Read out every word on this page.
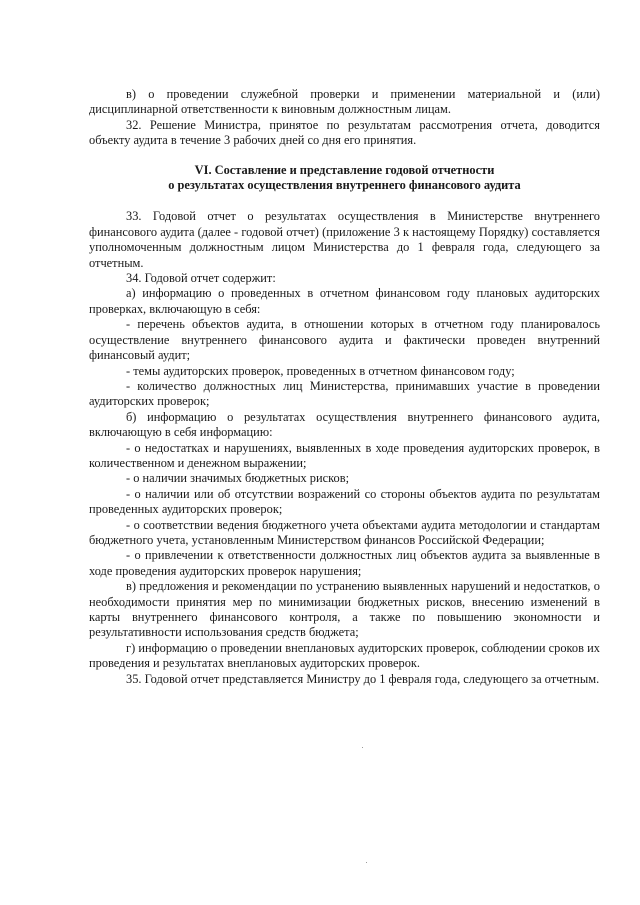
в) о проведении служебной проверки и применении материальной и (или) дисциплинарной ответственности к виновным должностным лицам.

32. Решение Министра, принятое по результатам рассмотрения отчета, доводится объекту аудита в течение 3 рабочих дней со дня его принятия.

VI. Составление и представление годовой отчетности
о результатах осуществления внутреннего финансового аудита

33. Годовой отчет о результатах осуществления в Министерстве внутреннего финансового аудита (далее - годовой отчет) (приложение 3 к настоящему Порядку) составляется уполномоченным должностным лицом Министерства до 1 февраля года, следующего за отчетным.

34. Годовой отчет содержит:

а) информацию о проведенных в отчетном финансовом году плановых аудиторских проверках, включающую в себя:

- перечень объектов аудита, в отношении которых в отчетном году планировалось осуществление внутреннего финансового аудита и фактически проведен внутренний финансовый аудит;

- темы аудиторских проверок, проведенных в отчетном финансовом году;

- количество должностных лиц Министерства, принимавших участие в проведении аудиторских проверок;

б) информацию о результатах осуществления внутреннего финансового аудита, включающую в себя информацию:

- о недостатках и нарушениях, выявленных в ходе проведения аудиторских проверок, в количественном и денежном выражении;

- о наличии значимых бюджетных рисков;

- о наличии или об отсутствии возражений со стороны объектов аудита по результатам проведенных аудиторских проверок;

- о соответствии ведения бюджетного учета объектами аудита методологии и стандартам бюджетного учета, установленным Министерством финансов Российской Федерации;

- о привлечении к ответственности должностных лиц объектов аудита за выявленные в ходе проведения аудиторских проверок нарушения;

в) предложения и рекомендации по устранению выявленных нарушений и недостатков, о необходимости принятия мер по минимизации бюджетных рисков, внесению изменений в карты внутреннего финансового контроля, а также по повышению экономности и результативности использования средств бюджета;

г) информацию о проведении внеплановых аудиторских проверок, соблюдении сроков их проведения и результатах внеплановых аудиторских проверок.

35. Годовой отчет представляется Министру до 1 февраля года, следующего за отчетным.
